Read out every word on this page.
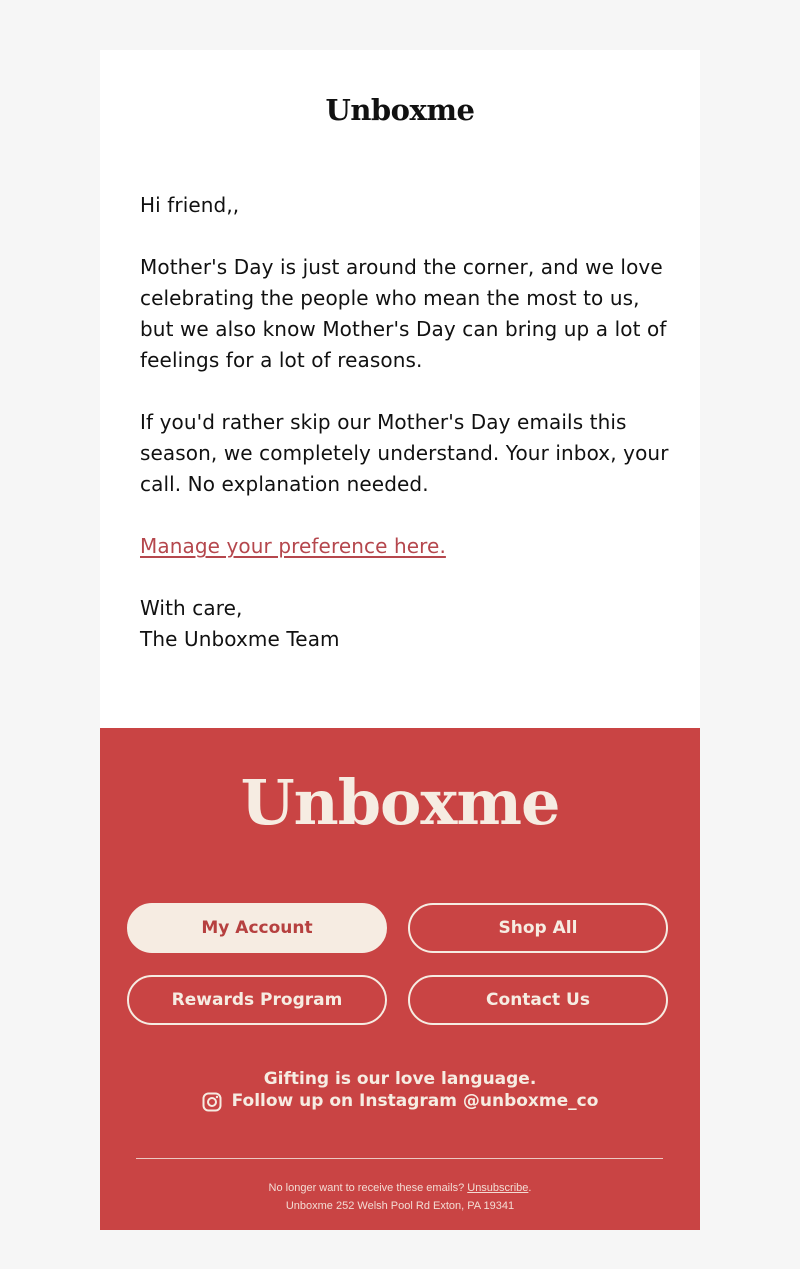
Unboxme

Hi friend,,

Mother's Day is just around the corner, and we love celebrating the people who mean the most to us, but we also know Mother's Day can bring up a lot of feelings for a lot of reasons.

If you'd rather skip our Mother's Day emails this season, we completely understand. Your inbox, your call. No explanation needed.

Manage your preference here.

With care,

The Unboxme Team

Unboxme
My Account	Shop All
Rewards Program	Contact Us
Gifting is our love language.
Follow up on Instagram @unboxme_co
No longer want to receive these emails? Unsubscribe.
Unboxme 252 Welsh Pool Rd Exton, PA 19341
